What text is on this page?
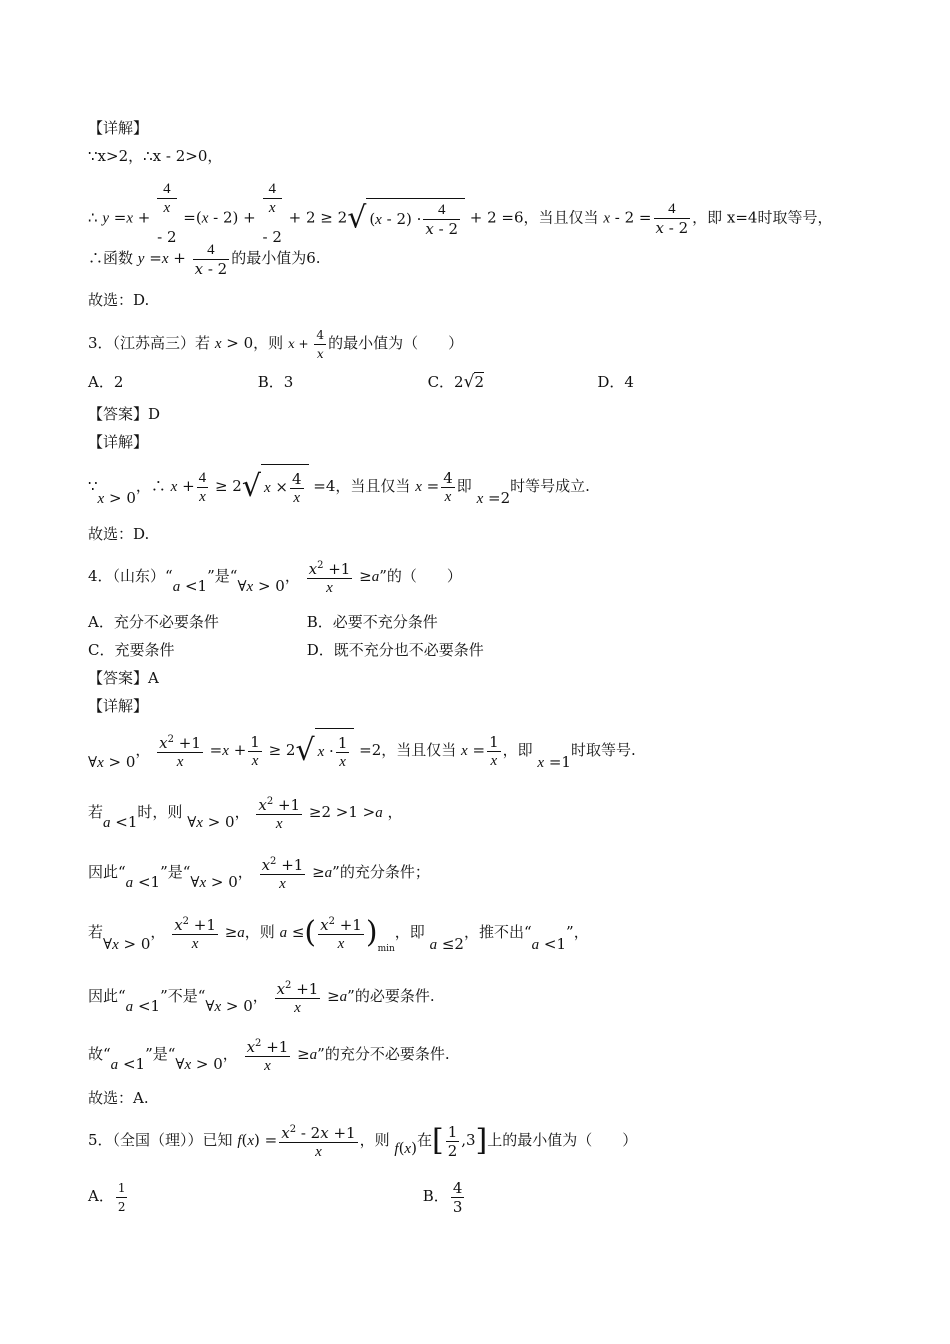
【详解】
∵x>2，∴x - 2>0，
∴ y =x +
4
x
- 2 =(x - 2) +
4
x
- 2 + 2 ≥ 2√ $(x - 2) \cdot \frac{4}{x - 2} + 2 =6$，当且仅当 $x - 2 = \frac{4}{x - 2}$ ，即 x=4时取等号，
∴函数 $y =x + \frac{4}{x - 2}$ 的最小值为6.
故选：D.
3．（江苏高三）若 x > 0，则 $x + \frac{4}{x}$ 的最小值为（　　）
A．2	B．3	C．2√2	D．4
【答案】D
【详解】
∵x > 0，∴ $x + \frac{4}{x} \ge 2√$ $x \times \frac{4}{x} =4$，当且仅当 $x = \frac{4}{x}$ 即 x =2时等号成立.
故选：D.
4．（山东）“a <1”是“∀x > 0， $\frac{x^2 +1}{x} \ge a$”的（　　）
A．充分不必要条件	B．必要不充分条件
C．充要条件	D．既不充分也不必要条件
【答案】A
【详解】
∀x > 0， $\frac{x^2 +1}{x} =x + \frac{1}{x} \ge 2√$ $x \cdot \frac{1}{x} =2$，当且仅当 $x = \frac{1}{x}$ ，即 x =1时取等号.
若a <1时，则 ∀x > 0， $\frac{x^2 +1}{x} \ge 2 >1 >a$ ，
因此“a <1”是“∀x > 0， $\frac{x^2 +1}{x} \ge a$”的充分条件；
若∀x > 0， $\frac{x^2 +1}{x} \ge a$，则 a ≤( $\frac{x^2 +1}{x} )_{min}$，即 a ≤2，推不出“a <1”，
因此“a <1”不是“∀x > 0， $\frac{x^2 +1}{x} \ge a$”的必要条件.
故“a <1”是“∀x > 0， $\frac{x^2 +1}{x} \ge a$”的充分不必要条件.
故选：A.
5．（全国（理））已知 $f(x) = \frac{x^2 - 2x +1}{x}$ ，则 f(x)在[ $\frac{1}{2} ,3$]上的最小值为（　　）
A． $\frac{1}{2}$	B． $\frac{4}{3}$
